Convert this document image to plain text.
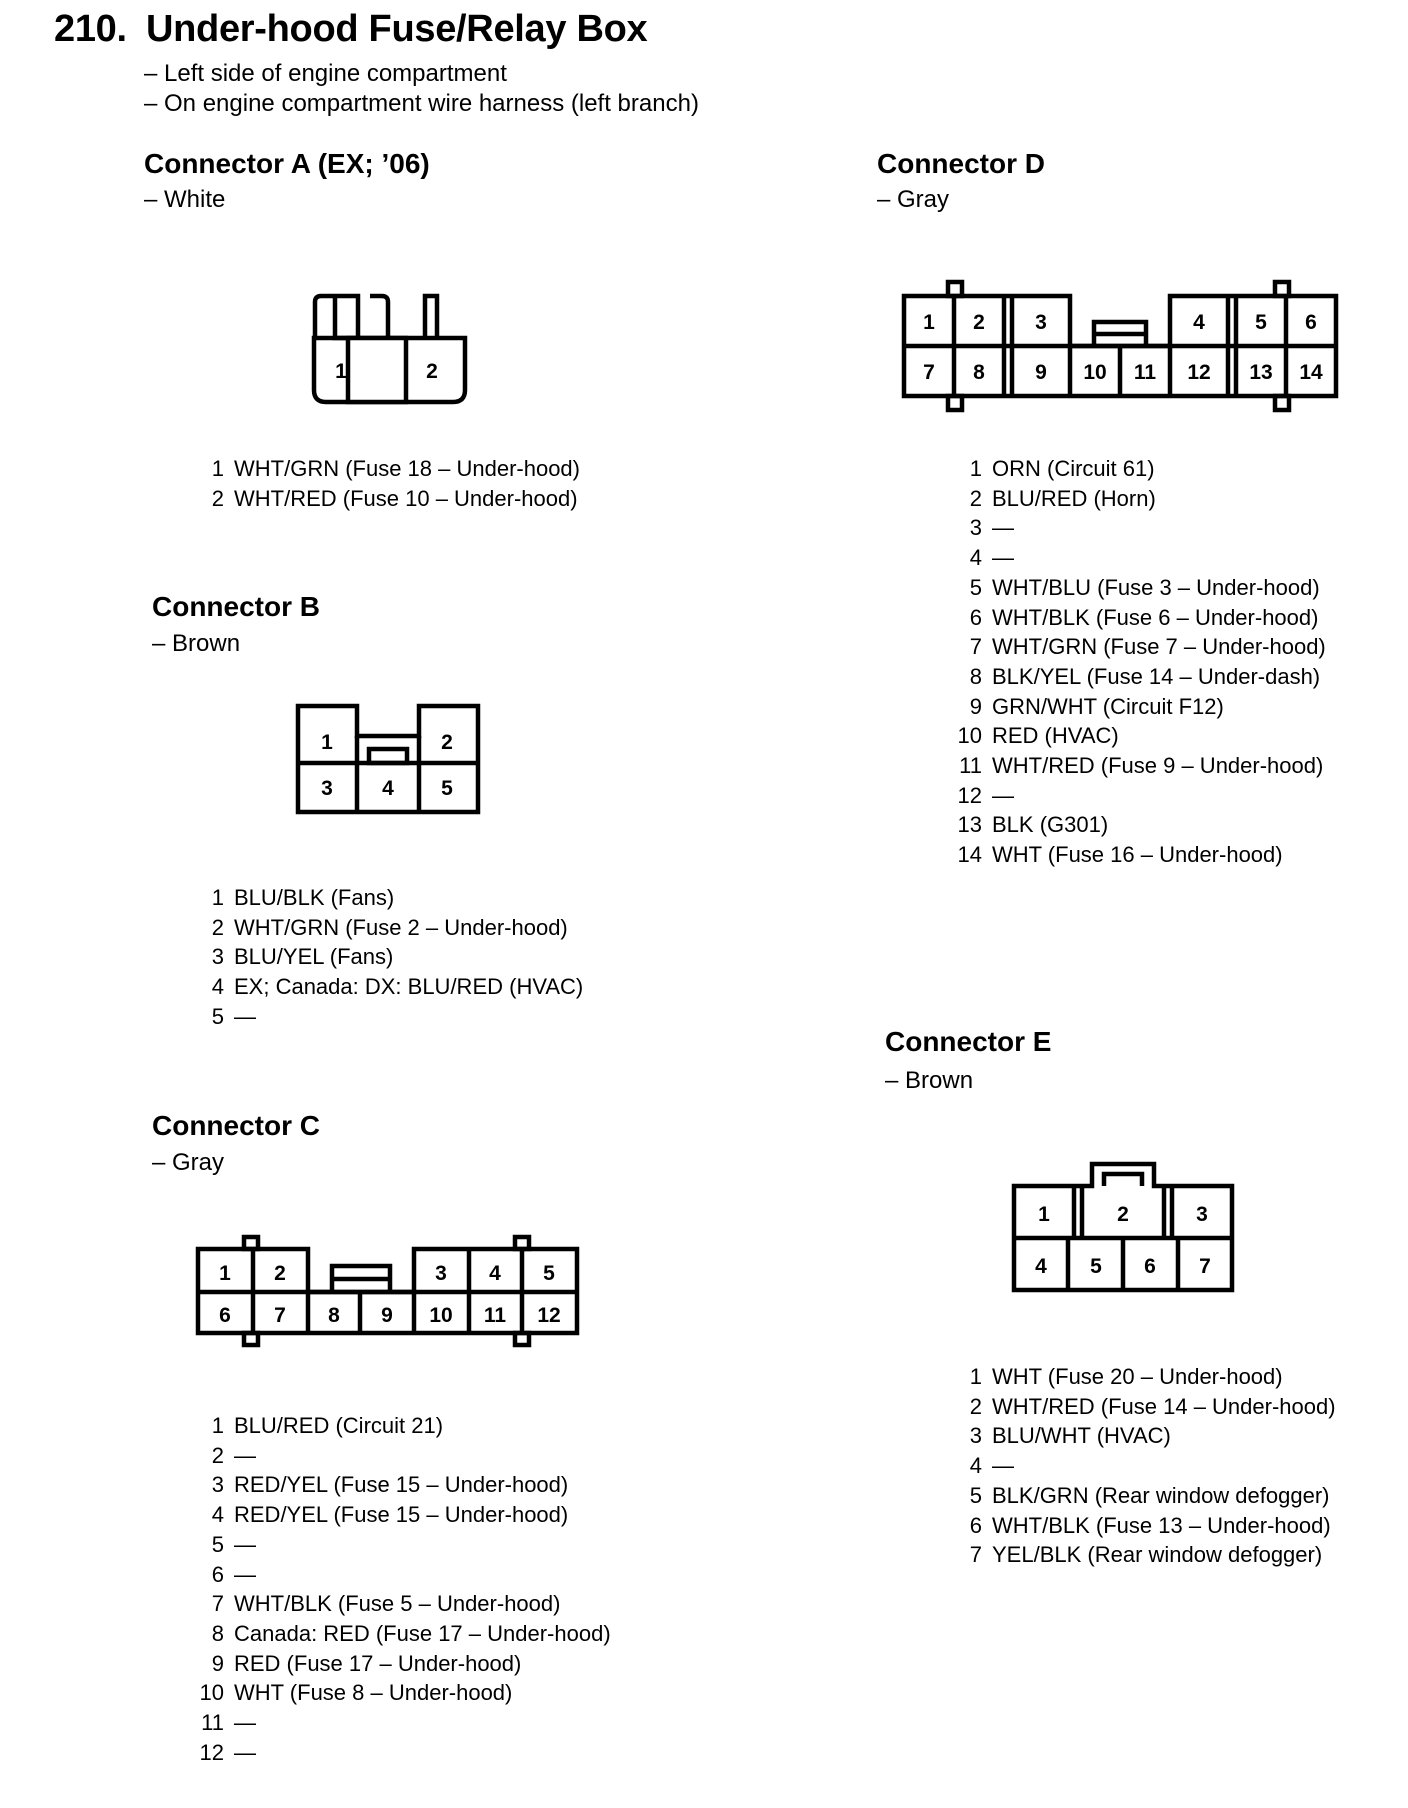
210. Under-hood Fuse/Relay Box
– Left side of engine compartment
– On engine compartment wire harness (left branch)
Connector A (EX; ’06)
– White
1	2
1 WHT/GRN (Fuse 18 – Under-hood)
2 WHT/RED (Fuse 10 – Under-hood)
Connector B
– Brown
1	2
3 4 5
1 BLU/BLK (Fans)
2 WHT/GRN (Fuse 2 – Under-hood)
3 BLU/YEL (Fans)
4 EX; Canada: DX: BLU/RED (HVAC)
5 —
Connector C
– Gray
1 2	3 4 5
6 7 8 9 10 11 12
1 BLU/RED (Circuit 21)
2 —
3 RED/YEL (Fuse 15 – Under-hood)
4 RED/YEL (Fuse 15 – Under-hood)
5 —
6 —
7 WHT/BLK (Fuse 5 – Under-hood)
8 Canada: RED (Fuse 17 – Under-hood)
9 RED (Fuse 17 – Under-hood)
10 WHT (Fuse 8 – Under-hood)
11 —
12 —
Connector D
– Gray
1 2 3	4 5 6
7 8 9 10 11 12 13 14
1 ORN (Circuit 61)
2 BLU/RED (Horn)
3 —
4 —
5 WHT/BLU (Fuse 3 – Under-hood)
6 WHT/BLK (Fuse 6 – Under-hood)
7 WHT/GRN (Fuse 7 – Under-hood)
8 BLK/YEL (Fuse 14 – Under-dash)
9 GRN/WHT (Circuit F12)
10 RED (HVAC)
11 WHT/RED (Fuse 9 – Under-hood)
12 —
13 BLK (G301)
14 WHT (Fuse 16 – Under-hood)
Connector E
– Brown
1	2	3
4 5 6 7
1 WHT (Fuse 20 – Under-hood)
2 WHT/RED (Fuse 14 – Under-hood)
3 BLU/WHT (HVAC)
4 —
5 BLK/GRN (Rear window defogger)
6 WHT/BLK (Fuse 13 – Under-hood)
7 YEL/BLK (Rear window defogger)
